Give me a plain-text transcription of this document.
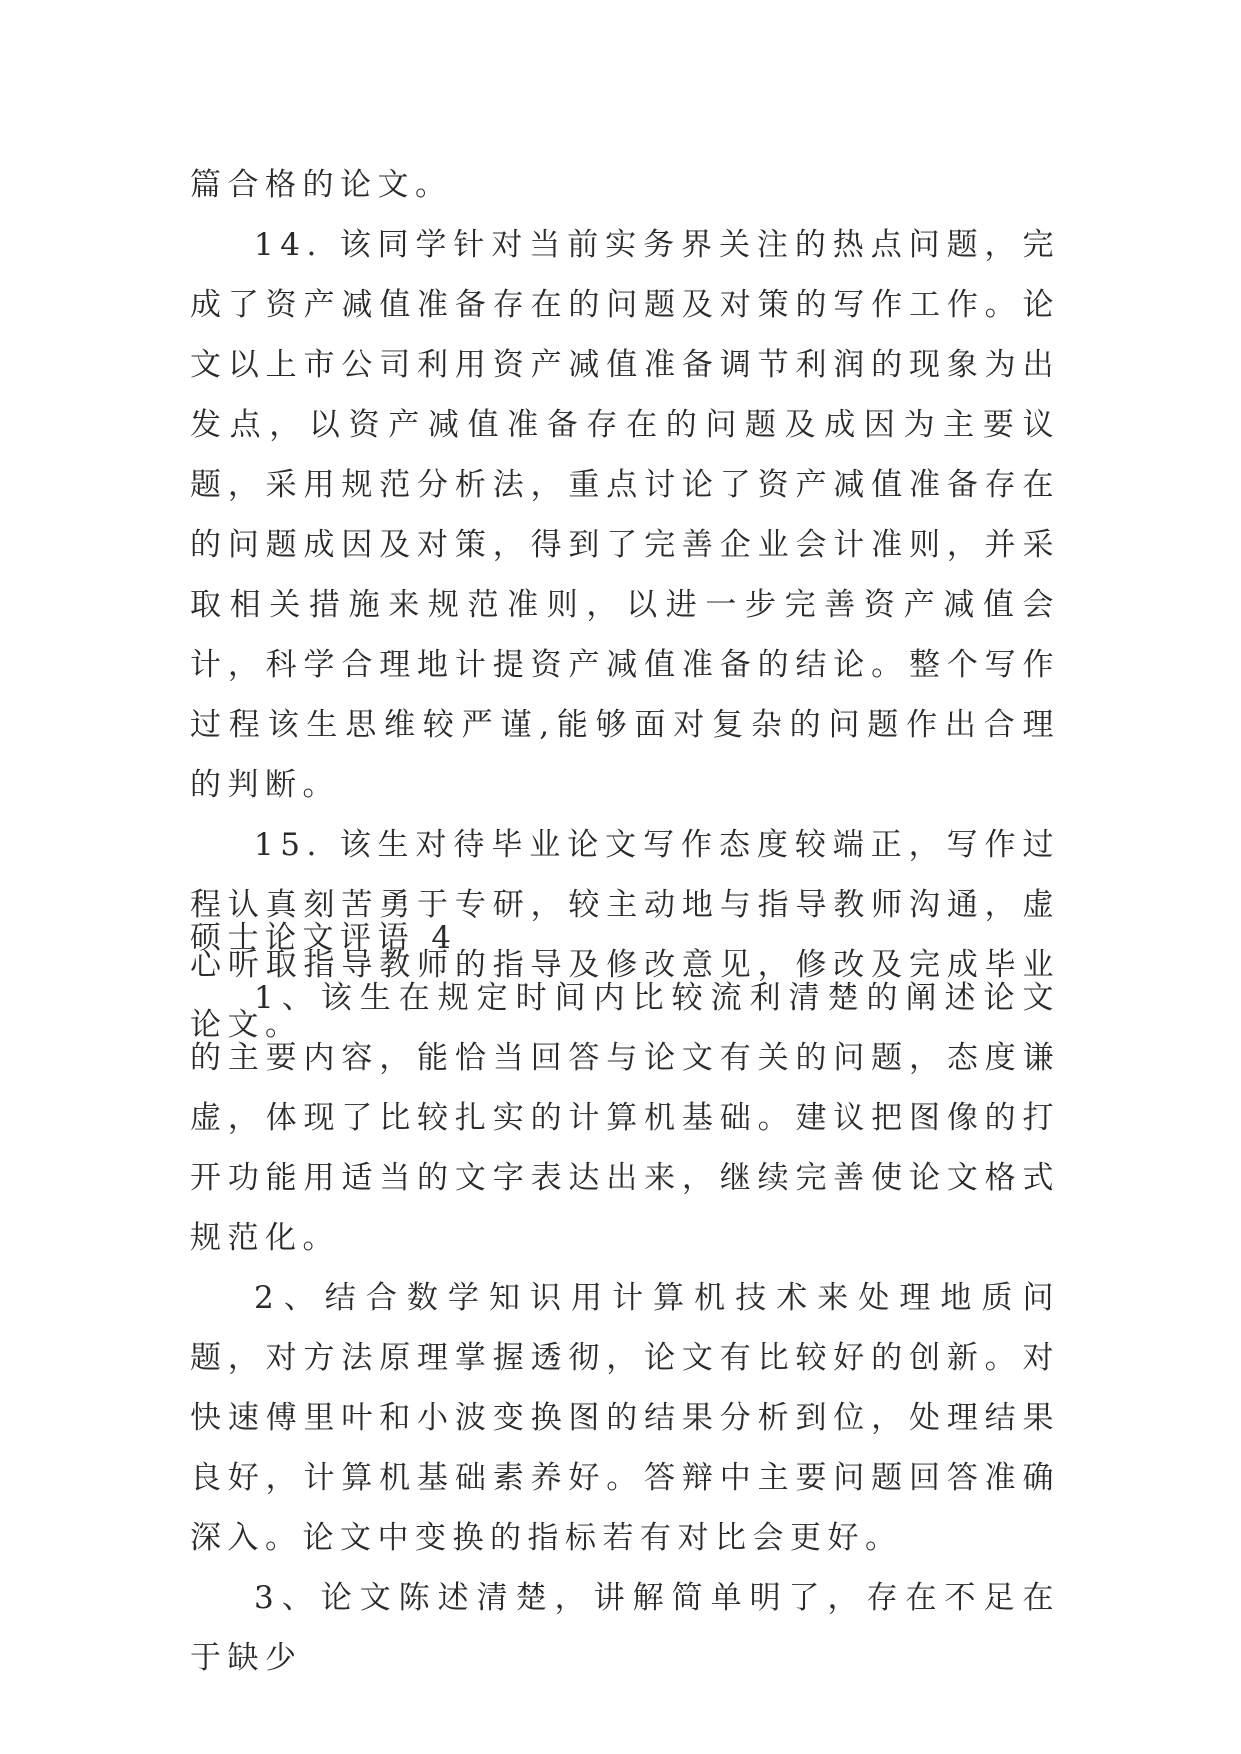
篇合格的论文。

14. 该同学针对当前实务界关注的热点问题，完成了资产减值准备存在的问题及对策的写作工作。论文以上市公司利用资产减值准备调节利润的现象为出发点，以资产减值准备存在的问题及成因为主要议题，采用规范分析法，重点讨论了资产减值准备存在的问题成因及对策，得到了完善企业会计准则，并采取相关措施来规范准则，以进一步完善资产减值会计，科学合理地计提资产减值准备的结论。整个写作过程该生思维较严谨,能够面对复杂的问题作出合理的判断。

15. 该生对待毕业论文写作态度较端正，写作过程认真刻苦勇于专研，较主动地与指导教师沟通，虚心听取指导教师的指导及修改意见，修改及完成毕业论文。

硕士论文评语 4

1、该生在规定时间内比较流利清楚的阐述论文的主要内容，能恰当回答与论文有关的问题，态度谦虚，体现了比较扎实的计算机基础。建议把图像的打开功能用适当的文字表达出来，继续完善使论文格式规范化。

2、结合数学知识用计算机技术来处理地质问题，对方法原理掌握透彻，论文有比较好的创新。对快速傅里叶和小波变换图的结果分析到位，处理结果良好，计算机基础素养好。答辩中主要问题回答准确深入。论文中变换的指标若有对比会更好。

3、论文陈述清楚，讲解简单明了，存在不足在于缺少
